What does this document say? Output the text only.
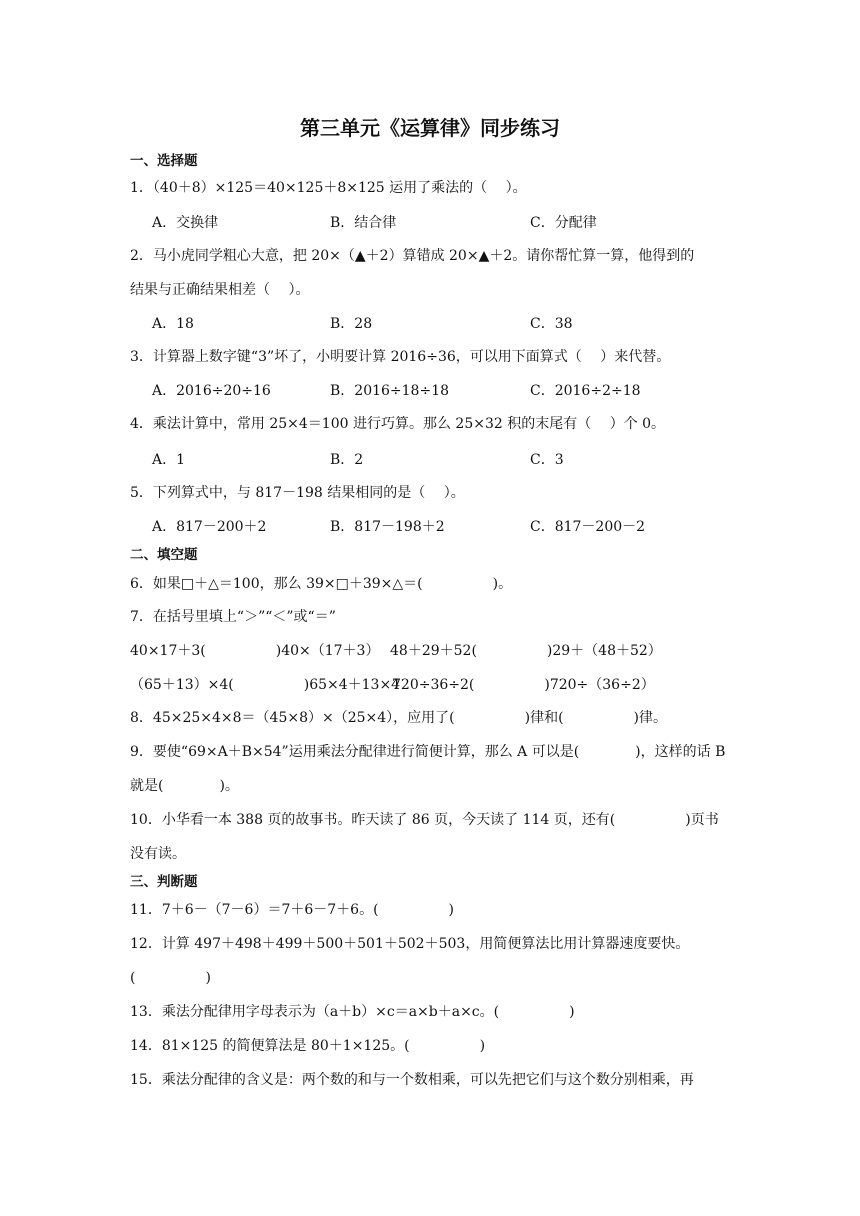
第三单元《运算律》同步练习
一、选择题
1．（40＋8）×125＝40×125＋8×125 运用了乘法的（　 ）。
A．交换律	B．结合律	C．分配律
2．马小虎同学粗心大意，把 20×（▲＋2）算错成 20×▲＋2。请你帮忙算一算，他得到的
结果与正确结果相差（　 ）。
A．18	B．28	C．38
3．计算器上数字键“3”坏了，小明要计算 2016÷36，可以用下面算式（　 ）来代替。
A．2016÷20÷16	B．2016÷18÷18	C．2016÷2÷18
4．乘法计算中，常用 25×4＝100 进行巧算。那么 25×32 积的末尾有（　 ）个 0。
A．1	B．2	C．3
5．下列算式中，与 817－198 结果相同的是（　 ）。
A．817－200＋2	B．817－198＋2	C．817－200－2
二、填空题
6．如果□＋△＝100，那么 39×□＋39×△＝(　　　　　)。
7．在括号里填上“＞”“＜”或“＝”
40×17＋3(　　　　　)40×（17＋3） 48＋29＋52(　　　　　)29＋（48＋52）
（65＋13）×4(　　　　　)65×4＋13×4
720÷36÷2(　　　　　)720÷（36÷2）
8．45×25×4×8＝（45×8）×（25×4），应用了(　　　　　)律和(　　　　　)律。
9．要使“69×A＋B×54”运用乘法分配律进行简便计算，那么 A 可以是(　　　　)，这样的话 B
就是(　　　　)。
10．小华看一本 388 页的故事书。昨天读了 86 页，今天读了 114 页，还有(　　　　　)页书
没有读。
三、判断题
11．7＋6－（7－6）＝7＋6－7＋6。(　　　　　)
12．计算 497＋498＋499＋500＋501＋502＋503，用简便算法比用计算器速度要快。
(　　　　　)
13．乘法分配律用字母表示为（a＋b）×c＝a×b＋a×c。(　　　　　)
14．81×125 的简便算法是 80＋1×125。(　　　　　)
15．乘法分配律的含义是：两个数的和与一个数相乘，可以先把它们与这个数分别相乘，再
